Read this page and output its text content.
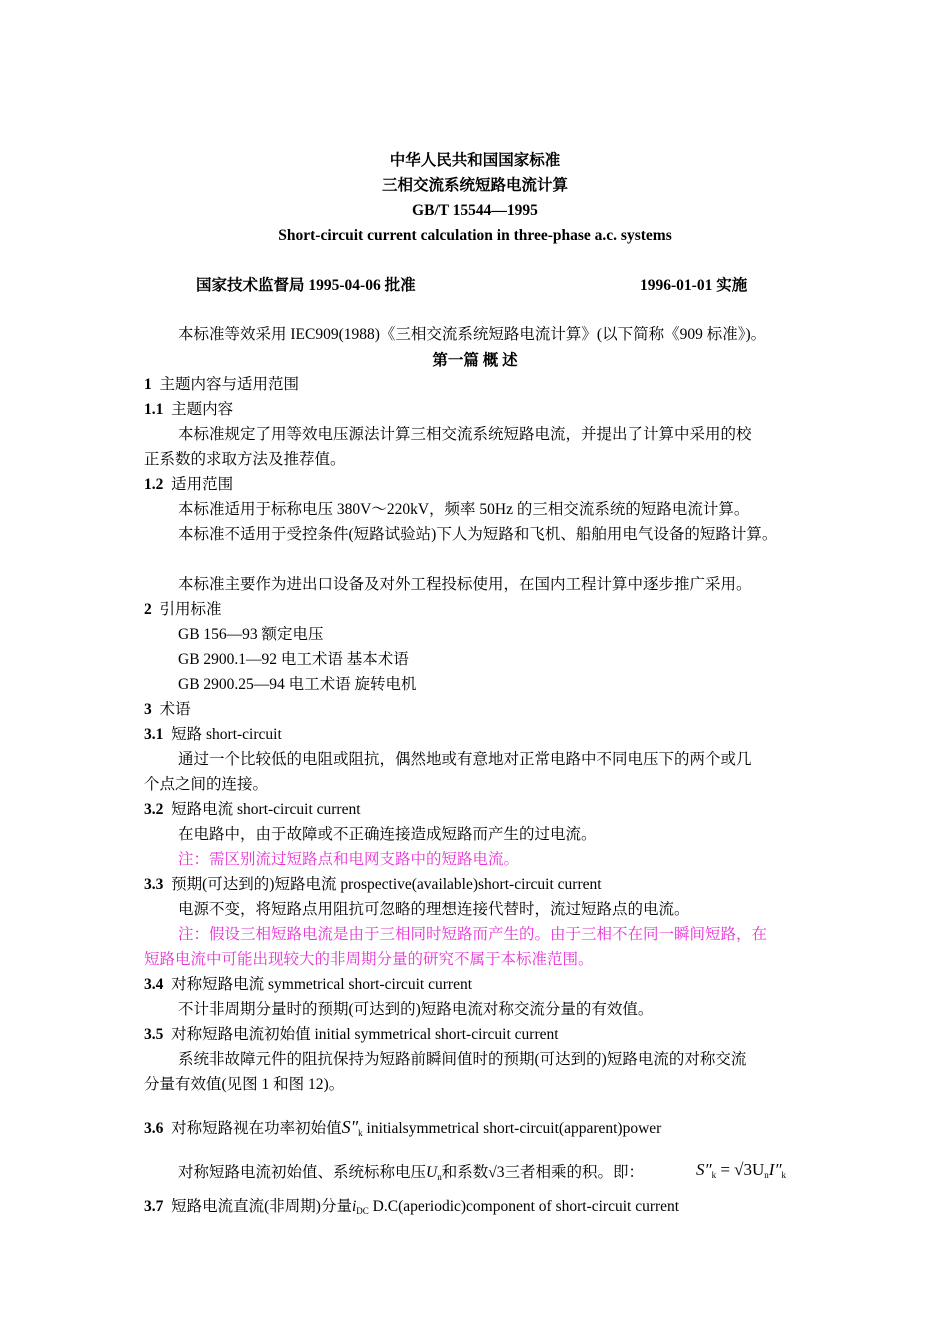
中华人民共和国国家标准
三相交流系统短路电流计算
GB/T 15544—1995
Short-circuit current calculation in three-phase a.c. systems
国家技术监督局 1995-04-06 批准	1996-01-01 实施
本标准等效采用 IEC909(1988)《三相交流系统短路电流计算》(以下简称《909 标准》)。
第一篇 概 述
1 主题内容与适用范围
1.1 主题内容
本标准规定了用等效电压源法计算三相交流系统短路电流，并提出了计算中采用的校
正系数的求取方法及推荐值。
1.2 适用范围
本标准适用于标称电压 380V～220kV，频率 50Hz 的三相交流系统的短路电流计算。
本标准不适用于受控条件(短路试验站)下人为短路和飞机、船舶用电气设备的短路计算。
本标准主要作为进出口设备及对外工程投标使用，在国内工程计算中逐步推广采用。
2 引用标准
GB 156—93 额定电压
GB 2900.1—92 电工术语 基本术语
GB 2900.25—94 电工术语 旋转电机
3 术语
3.1 短路 short-circuit
通过一个比较低的电阻或阻抗，偶然地或有意地对正常电路中不同电压下的两个或几
个点之间的连接。
3.2 短路电流 short-circuit current
在电路中，由于故障或不正确连接造成短路而产生的过电流。
注：需区别流过短路点和电网支路中的短路电流。
3.3 预期(可达到的)短路电流 prospective(available)short-circuit current
电源不变，将短路点用阻抗可忽略的理想连接代替时，流过短路点的电流。
注：假设三相短路电流是由于三相同时短路而产生的。由于三相不在同一瞬间短路，在
短路电流中可能出现较大的非周期分量的研究不属于本标准范围。
3.4 对称短路电流 symmetrical short-circuit current
不计非周期分量时的预期(可达到的)短路电流对称交流分量的有效值。
3.5 对称短路电流初始值 initial symmetrical short-circuit current
系统非故障元件的阻抗保持为短路前瞬间值时的预期(可达到的)短路电流的对称交流
分量有效值(见图 1 和图 12)。
3.6 对称短路视在功率初始值$S''_k$ initialsymmetrical short-circuit(apparent)power
对称短路电流初始值、系统标称电压$U_n$和系数√3三者相乘的积。即：	$S''_k = √3U_nI''_k$
3.7 短路电流直流(非周期)分量$i_{DC}$ D.C(aperiodic)component of short-circuit current
